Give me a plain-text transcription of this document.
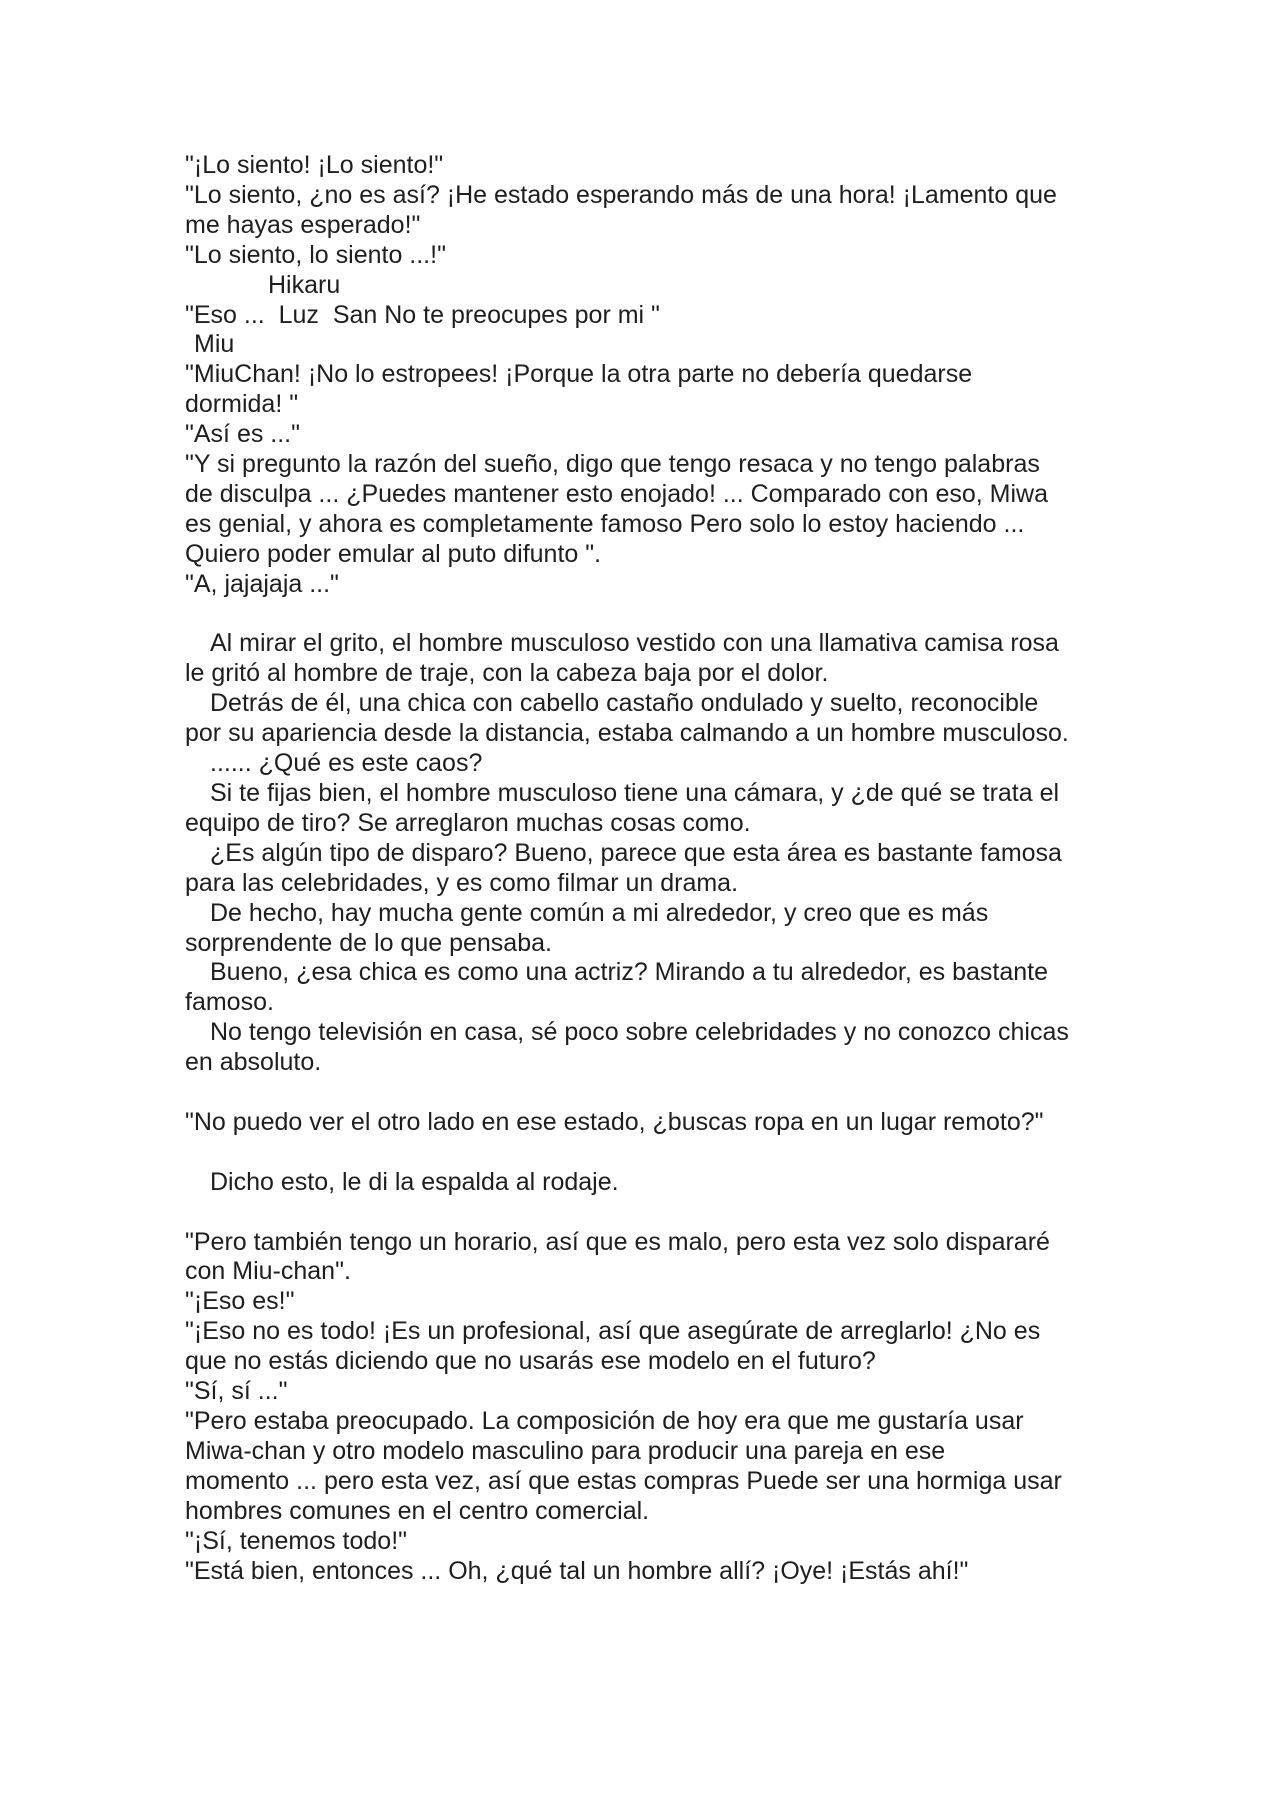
"¡Lo siento! ¡Lo siento!"

"Lo siento, ¿no es así? ¡He estado esperando más de una hora! ¡Lamento que

me hayas esperado!"

"Lo siento, lo siento ...!"

Hikaru

"Eso ...  Luz  San No te preocupes por mi "

Miu

"MiuChan! ¡No lo estropees! ¡Porque la otra parte no debería quedarse

dormida! "

"Así es ..."

"Y si pregunto la razón del sueño, digo que tengo resaca y no tengo palabras

de disculpa ... ¿Puedes mantener esto enojado! ... Comparado con eso, Miwa

es genial, y ahora es completamente famoso Pero solo lo estoy haciendo ...

Quiero poder emular al puto difunto ".

"A, jajajaja ..."

Al mirar el grito, el hombre musculoso vestido con una llamativa camisa rosa

le gritó al hombre de traje, con la cabeza baja por el dolor.

Detrás de él, una chica con cabello castaño ondulado y suelto, reconocible

por su apariencia desde la distancia, estaba calmando a un hombre musculoso.

...... ¿Qué es este caos?

Si te fijas bien, el hombre musculoso tiene una cámara, y ¿de qué se trata el

equipo de tiro? Se arreglaron muchas cosas como.

¿Es algún tipo de disparo? Bueno, parece que esta área es bastante famosa

para las celebridades, y es como filmar un drama.

De hecho, hay mucha gente común a mi alrededor, y creo que es más

sorprendente de lo que pensaba.

Bueno, ¿esa chica es como una actriz? Mirando a tu alrededor, es bastante

famoso.

No tengo televisión en casa, sé poco sobre celebridades y no conozco chicas

en absoluto.

"No puedo ver el otro lado en ese estado, ¿buscas ropa en un lugar remoto?"

Dicho esto, le di la espalda al rodaje.

"Pero también tengo un horario, así que es malo, pero esta vez solo dispararé

con Miu-chan".

"¡Eso es!"

"¡Eso no es todo! ¡Es un profesional, así que asegúrate de arreglarlo! ¿No es

que no estás diciendo que no usarás ese modelo en el futuro?

"Sí, sí ..."

"Pero estaba preocupado. La composición de hoy era que me gustaría usar

Miwa-chan y otro modelo masculino para producir una pareja en ese

momento ... pero esta vez, así que estas compras Puede ser una hormiga usar

hombres comunes en el centro comercial.

"¡Sí, tenemos todo!"

"Está bien, entonces ... Oh, ¿qué tal un hombre allí? ¡Oye! ¡Estás ahí!"
